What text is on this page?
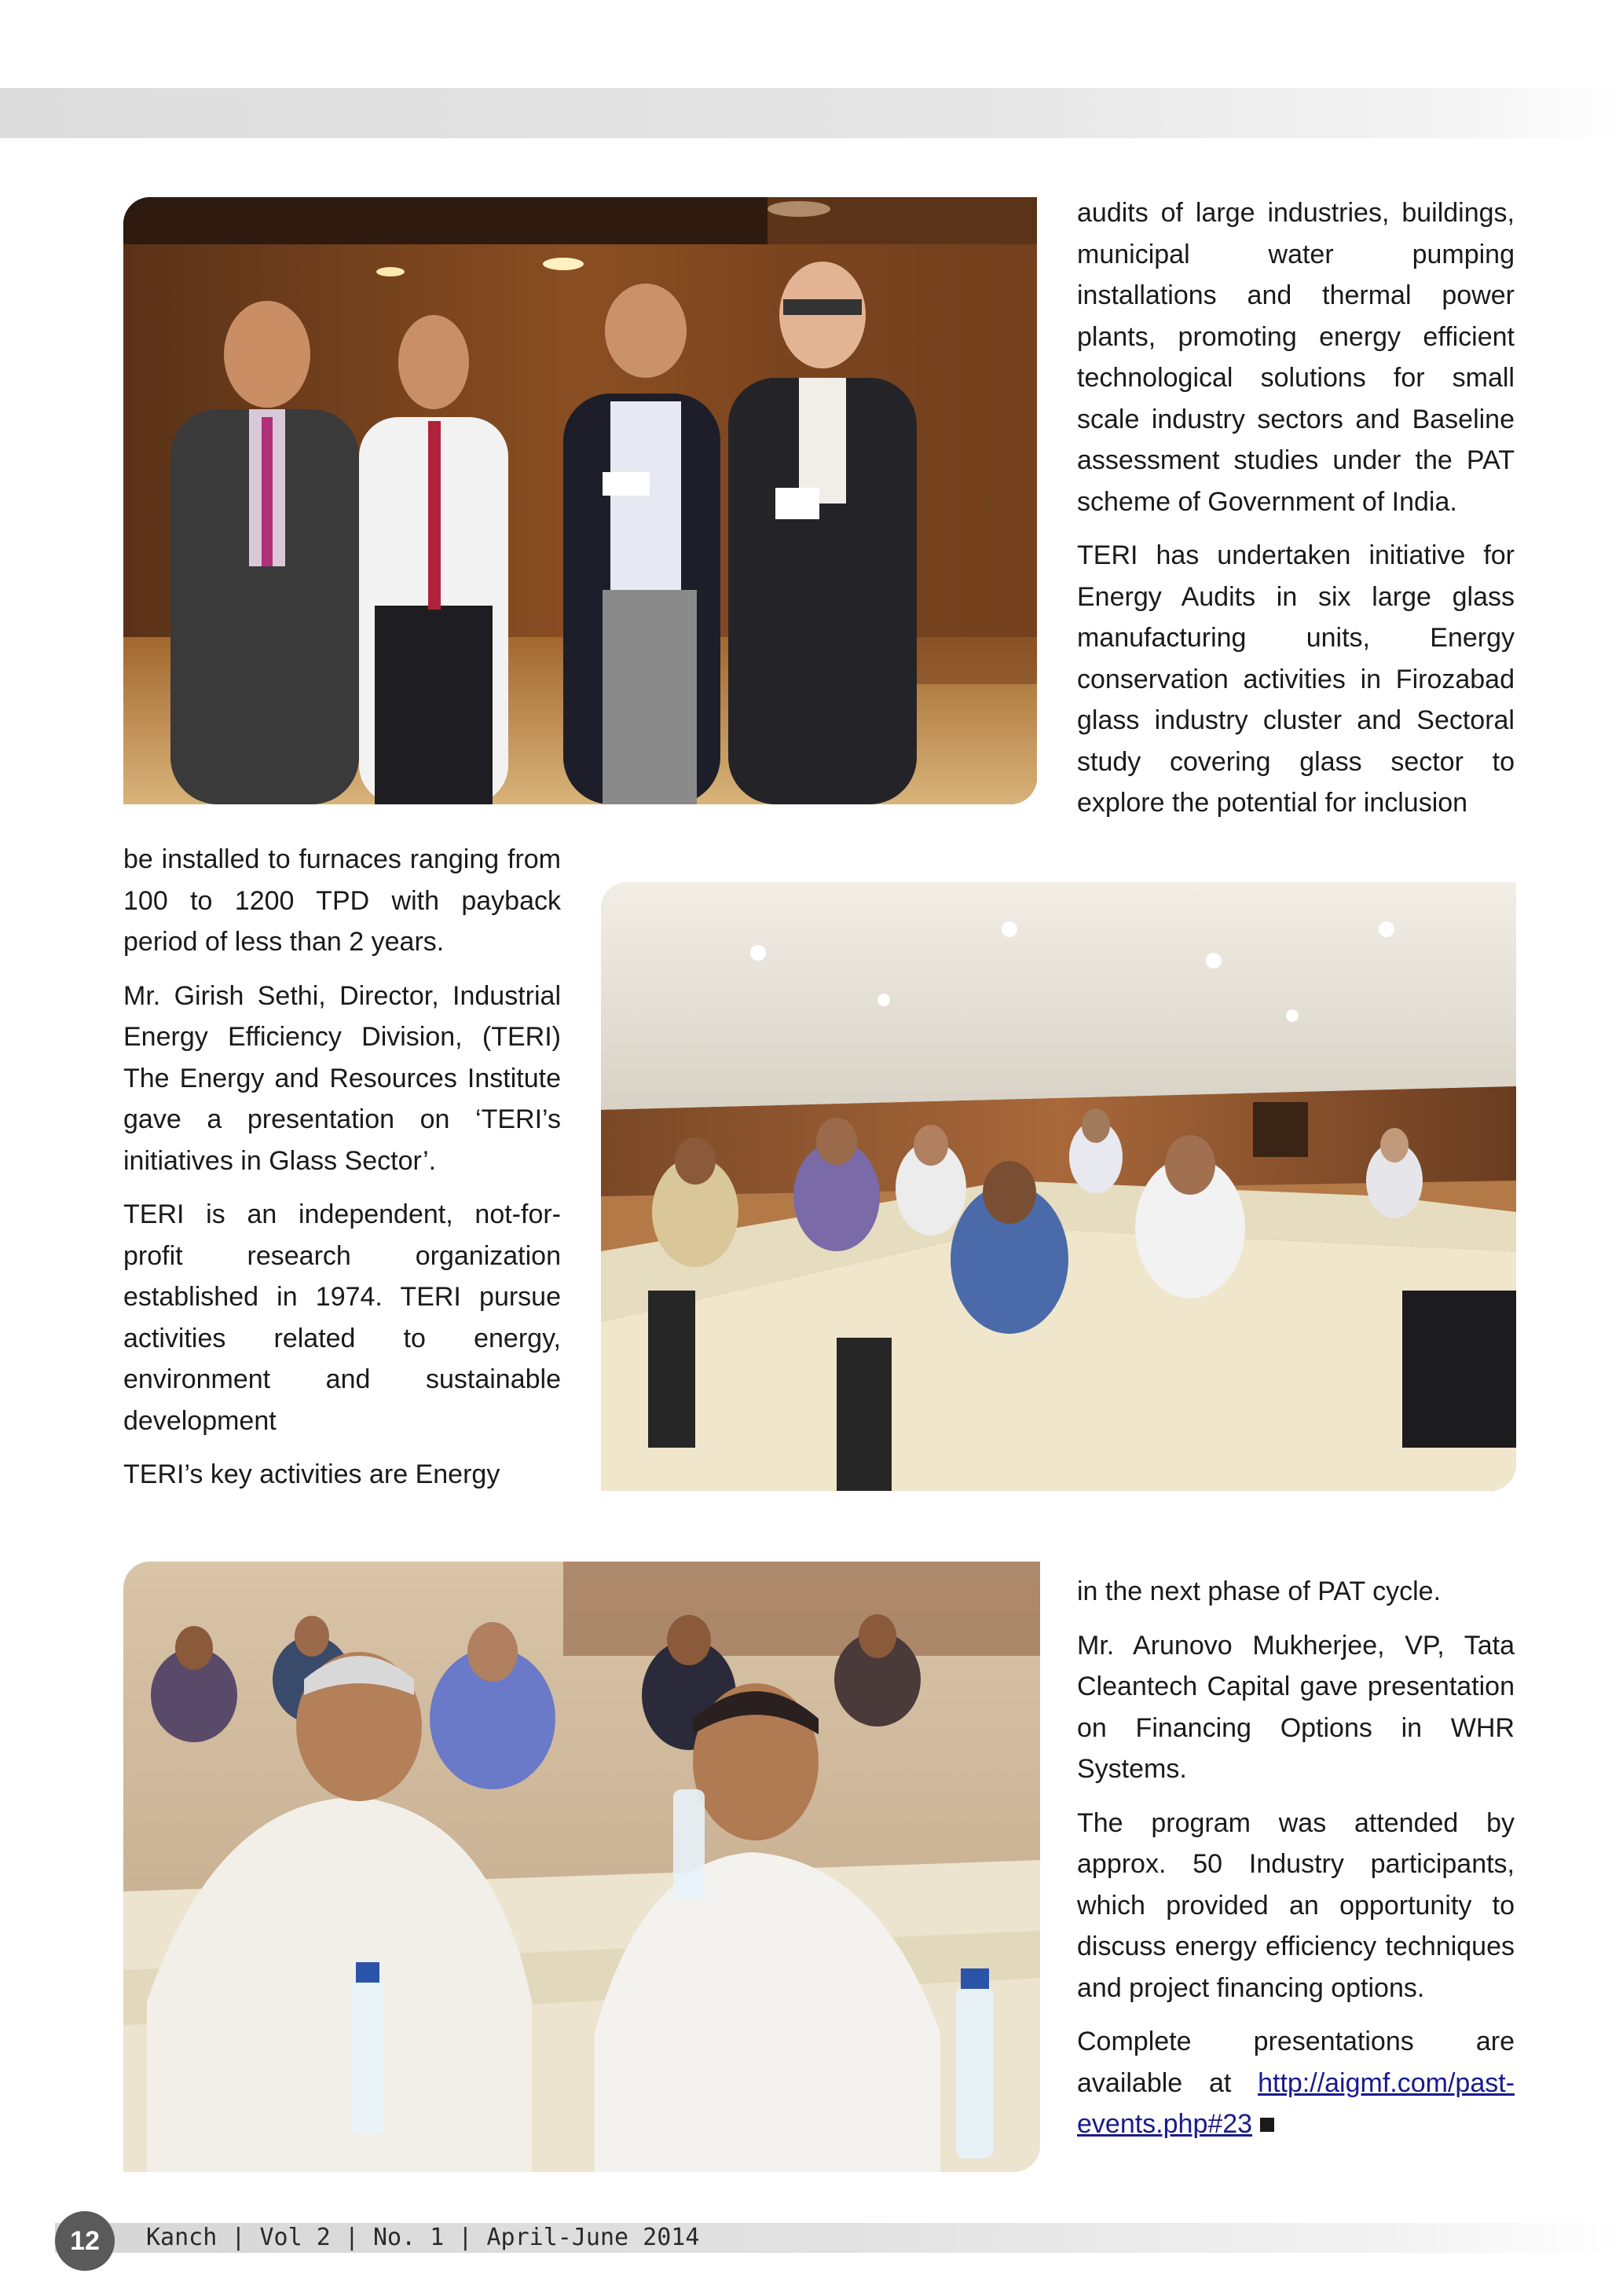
audits of large industries, buildings, municipal water pumping installations and thermal power plants, promoting energy efficient technological solutions for small scale industry sectors and Baseline assessment studies under the PAT scheme of Government of India.

TERI has undertaken initiative for Energy Audits in six large glass manufacturing units, Energy conservation activities in Firozabad glass industry cluster and Sectoral study covering glass sector to explore the potential for inclusion

be installed to furnaces ranging from 100 to 1200 TPD with payback period of less than 2 years.

Mr. Girish Sethi, Director, Industrial Energy Efficiency Division, (TERI) The Energy and Resources Institute gave a presentation on ‘TERI’s initiatives in Glass Sector’.

TERI is an independent, not-for-profit research organization established in 1974. TERI pursue activities related to energy, environment and sustainable development

TERI’s key activities are Energy

in the next phase of PAT cycle.

Mr. Arunovo Mukherjee, VP, Tata Cleantech Capital gave presentation on Financing Options in WHR Systems.

The program was attended by approx. 50 Industry participants, which provided an opportunity to discuss energy efficiency techniques and project financing options.

Complete presentations are available at http://aigmf.com/past-events.php#23

12	Kanch | Vol 2 | No. 1 | April-June 2014
